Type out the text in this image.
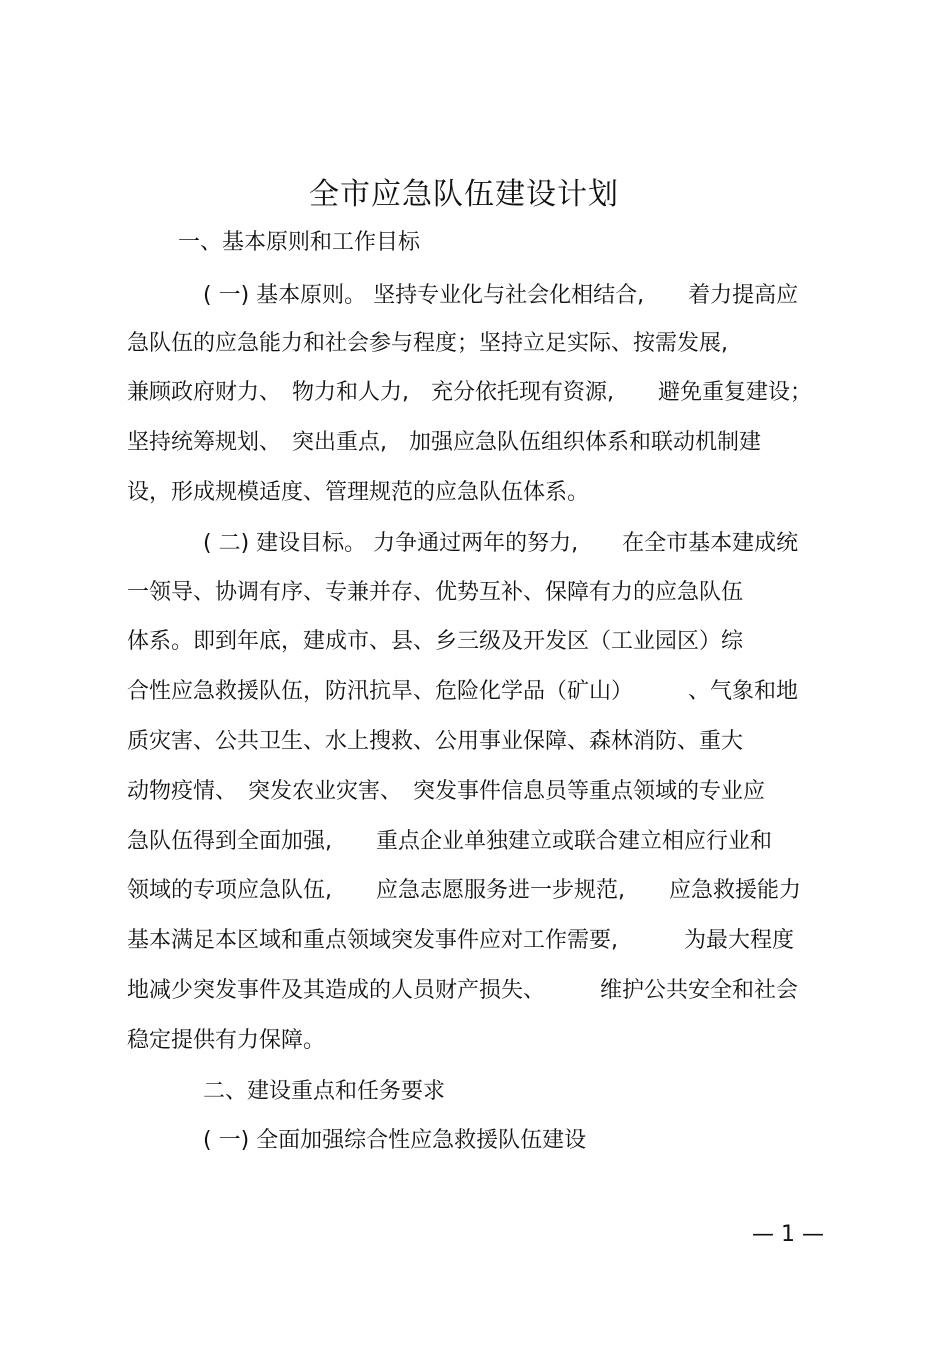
全市应急队伍建设计划

一、基本原则和工作目标

( 一) 基本原则。 坚持专业化与社会化相结合,　　着力提高应

急队伍的应急能力和社会参与程度；坚持立足实际、按需发展,

兼顾政府财力、　物力和人力,　充分依托现有资源,　　避免重复建设；

坚持统筹规划、　突出重点,　加强应急队伍组织体系和联动机制建

设，形成规模适度、管理规范的应急队伍体系。

( 二) 建设目标。 力争通过两年的努力,　　在全市基本建成统

一领导、协调有序、专兼并存、优势互补、保障有力的应急队伍

体系。即到年底，建成市、县、乡三级及开发区（工业园区）综

合性应急救援队伍，防汛抗旱、危险化学品（矿山）　　　、气象和地

质灾害、公共卫生、水上搜救、公用事业保障、森林消防、重大

动物疫情、　突发农业灾害、　突发事件信息员等重点领域的专业应

急队伍得到全面加强,　　重点企业单独建立或联合建立相应行业和

领域的专项应急队伍,　　应急志愿服务进一步规范,　　应急救援能力

基本满足本区域和重点领域突发事件应对工作需要,　　　为最大程度

地减少突发事件及其造成的人员财产损失、　　　维护公共安全和社会

稳定提供有力保障。

二、建设重点和任务要求

( 一) 全面加强综合性应急救援队伍建设

— 1 —
